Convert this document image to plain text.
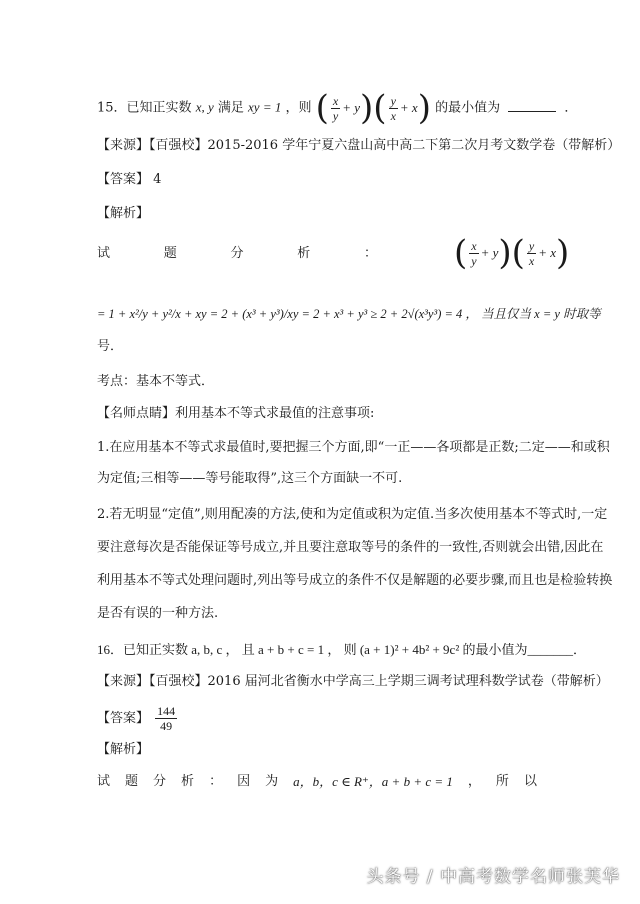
15．已知正实数 x, y 满足 xy = 1 ，则 ( $\frac{x}{y} + y$ ) ( $\frac{y}{x} + x$ ) 的最小值为	．
【来源】【百强校】2015-2016 学年宁夏六盘山高中高二下第二次月考文数学卷（带解析）
【答案】 4
【解析】
试	题	分	析	： ( $\frac{x}{y} + y$ ) ( $\frac{y}{x} + x$ )
= 1 + x²/y + y²/x + xy = 2 + (x³ + y³)/xy = 2 + x³ + y³ ≥ 2 + 2√(x³y³) = 4 ， 当且仅当 x = y 时取等
号．
考点：基本不等式．
【名师点睛】利用基本不等式求最值的注意事项:
1.在应用基本不等式求最值时,要把握三个方面,即“一正——各项都是正数;二定——和或积
为定值;三相等——等号能取得”,这三个方面缺一不可.
2.若无明显“定值”,则用配凑的方法,使和为定值或积为定值.当多次使用基本不等式时,一定
要注意每次是否能保证等号成立,并且要注意取等号的条件的一致性,否则就会出错,因此在
利用基本不等式处理问题时,列出等号成立的条件不仅是解题的必要步骤,而且也是检验转换
是否有误的一种方法.
16．已知正实数 a, b, c ， 且 a + b + c = 1 ， 则 (a + 1)² + 4b² + 9c² 的最小值为_______．
【来源】【百强校】2016 届河北省衡水中学高三上学期三调考试理科数学试卷（带解析）
【答案】 $\frac{144}{49}$
【解析】
试 题 分 析 ： 因 为 a，b，c ∈ R⁺，a + b + c = 1 ， 所 以
头条号 / 中高考数学名师张芙华
